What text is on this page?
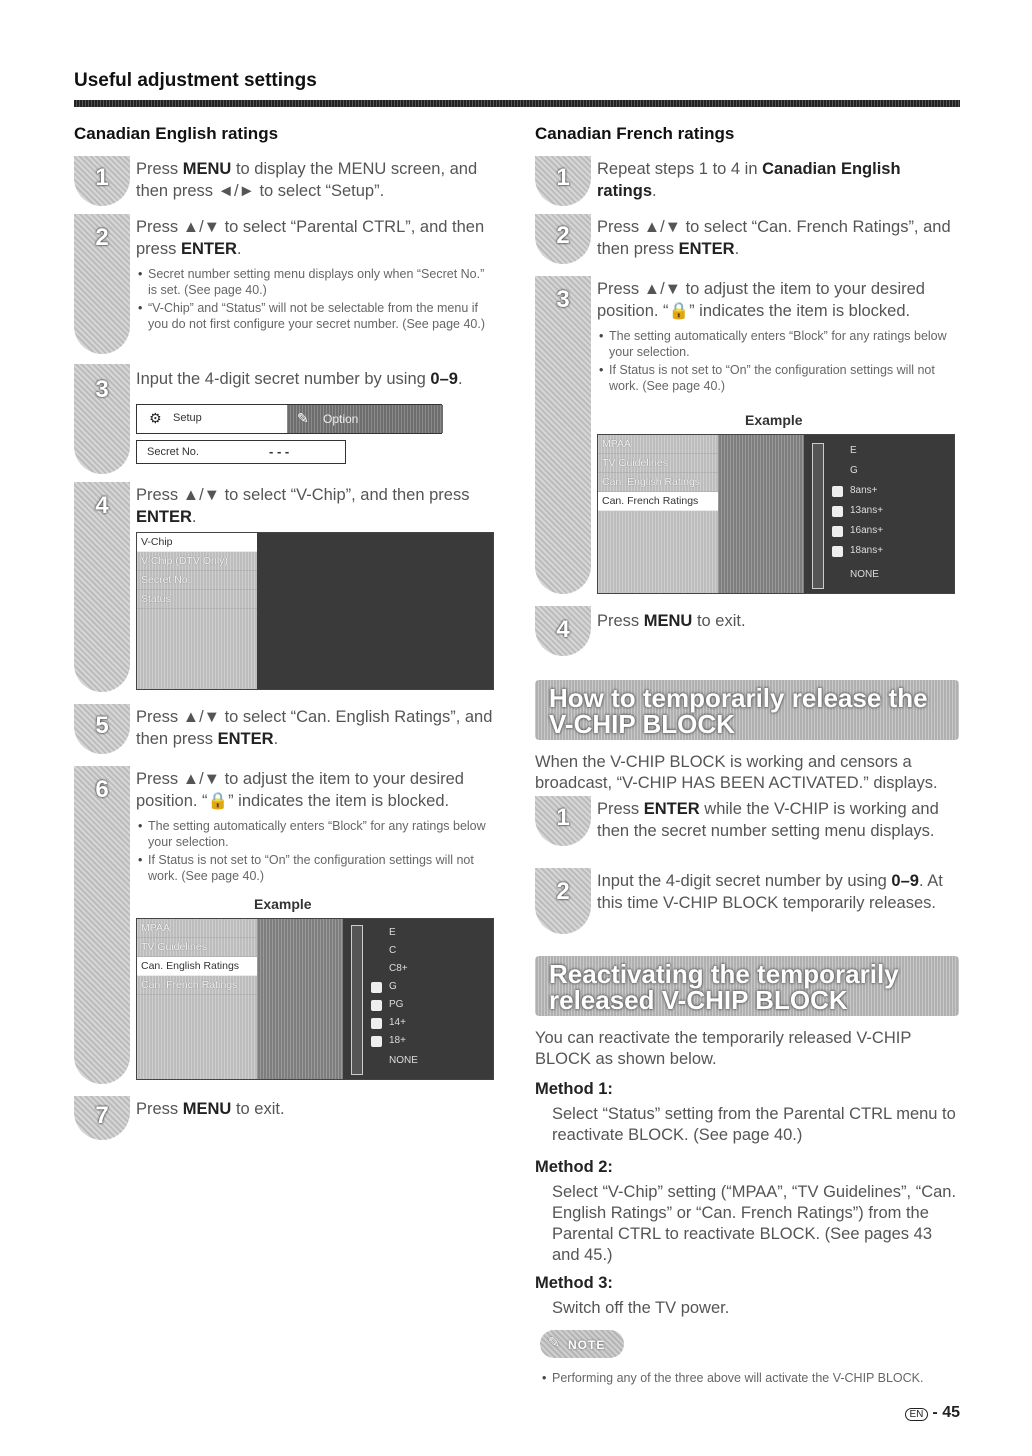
Useful adjustment settings
Canadian English ratings
1	Press MENU to display the MENU screen, and then press ◄/► to select “Setup”.
2	Press ▲/▼ to select “Parental CTRL”, and then press ENTER.
• Secret number setting menu displays only when “Secret No.” is set. (See page 40.)
• “V-Chip” and “Status” will not be selectable from the menu if you do not first configure your secret number. (See page 40.)
3	Input the 4-digit secret number by using 0–9.
⚙ Setup	✎ Option
Secret No.	- - -
4	Press ▲/▼ to select “V-Chip”, and then press ENTER.
V-Chip
V-Chip (DTV Only)
Secret No.
Status
5	Press ▲/▼ to select “Can. English Ratings”, and then press ENTER.
6	Press ▲/▼ to adjust the item to your desired position. “🔒” indicates the item is blocked.
• The setting automatically enters “Block” for any ratings below your selection.
• If Status is not set to “On” the configuration settings will not work. (See page 40.)
Example
MPAA
TV Guidelines
Can. English Ratings
Can. French Ratings
E
C
C8+
G
PG
14+
18+
NONE
7	Press MENU to exit.
Canadian French ratings
1	Repeat steps 1 to 4 in Canadian English ratings.
2	Press ▲/▼ to select “Can. French Ratings”, and then press ENTER.
3	Press ▲/▼ to adjust the item to your desired position. “🔒” indicates the item is blocked.
• The setting automatically enters “Block” for any ratings below your selection.
• If Status is not set to “On” the configuration settings will not work. (See page 40.)
Example
MPAA
TV Guidelines
Can. English Ratings
Can. French Ratings
E
G
8ans+
13ans+
16ans+
18ans+
NONE
4	Press MENU to exit.
How to temporarily release the
V-CHIP BLOCK
When the V-CHIP BLOCK is working and censors a broadcast, “V-CHIP HAS BEEN ACTIVATED.” displays.
1	Press ENTER while the V-CHIP is working and then the secret number setting menu displays.
2	Input the 4-digit secret number by using 0–9. At this time V-CHIP BLOCK temporarily releases.
Reactivating the temporarily
released V-CHIP BLOCK
You can reactivate the temporarily released V-CHIP BLOCK as shown below.
Method 1:
Select “Status” setting from the Parental CTRL menu to reactivate BLOCK. (See page 40.)
Method 2:
Select “V-Chip” setting (“MPAA”, “TV Guidelines”, “Can. English Ratings” or “Can. French Ratings”) from the Parental CTRL to reactivate BLOCK. (See pages 43 and 45.)
Method 3:
Switch off the TV power.
✎ NOTE
• Performing any of the three above will activate the V-CHIP BLOCK.
EN - 45
